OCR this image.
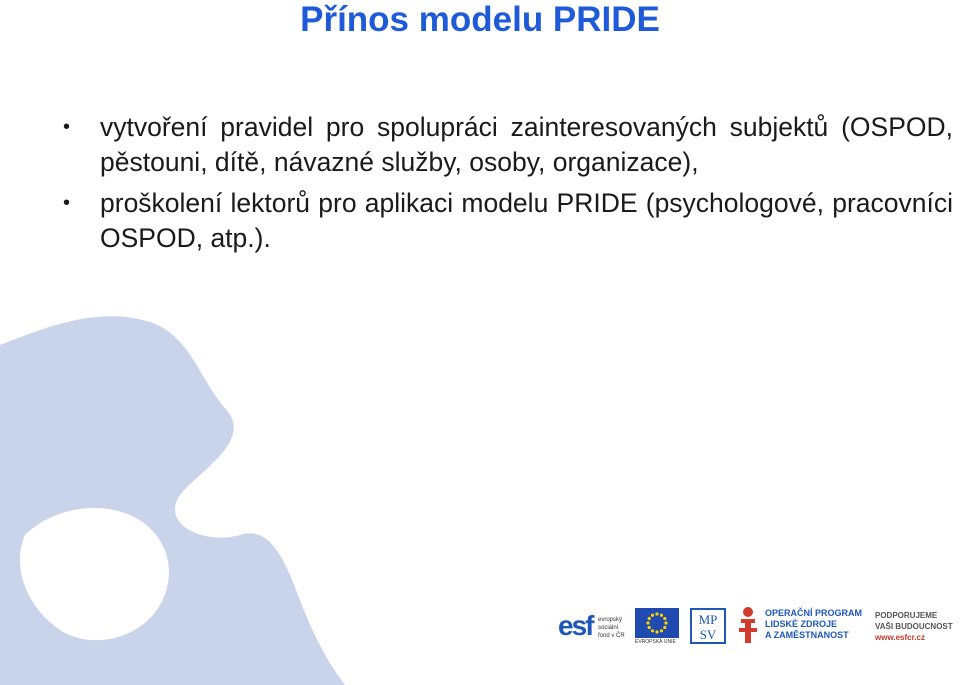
Přínos modelu PRIDE
•	vytvoření pravidel pro spolupráci zainteresovaných subjektů (OSPOD, pěstouni, dítě, návazné služby, osoby, organizace),
•	proškolení lektorů pro aplikaci modelu PRIDE (psychologové, pracovníci OSPOD, atp.).
esf evropský
sociální
fond v ČR
EVROPSKÁ UNIE
MP
SV
OPERAČNÍ PROGRAM
LIDSKÉ ZDROJE
A ZAMĚSTNANOST
PODPORUJEME
VAŠI BUDOUCNOST
www.esfcr.cz
